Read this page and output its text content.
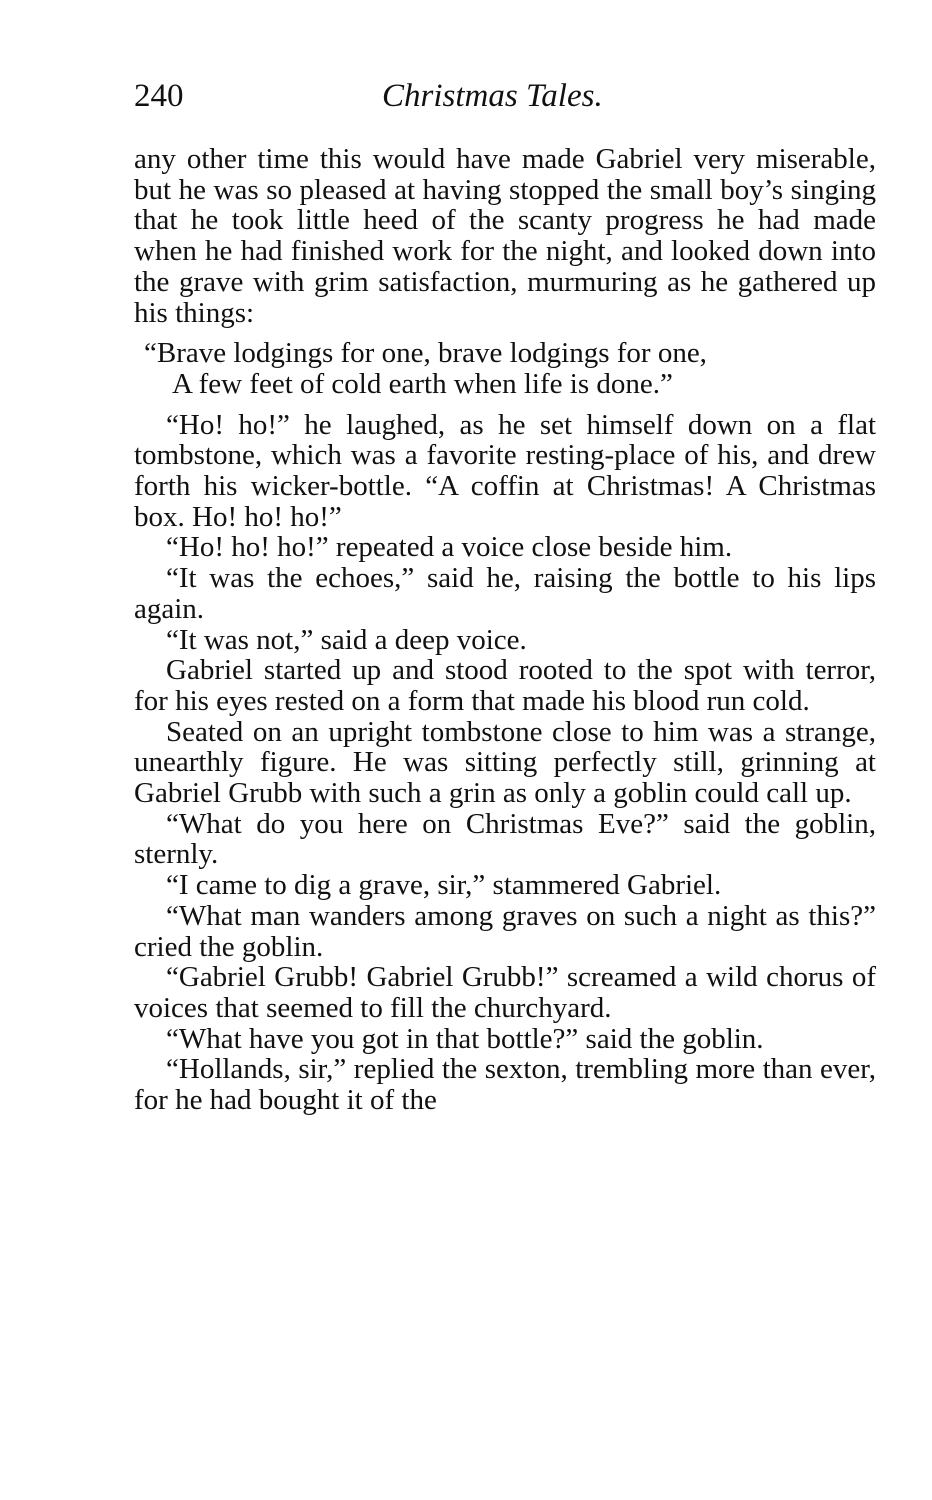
240	Christmas Tales.

any other time this would have made Gabriel very miserable, but he was so pleased at having stopped the small boy’s singing that he took little heed of the scanty progress he had made when he had finished work for the night, and looked down into the grave with grim satisfaction, murmuring as he gathered up his things:

“Brave lodgings for one, brave lodgings for one,
A few feet of cold earth when life is done.”

“Ho! ho!” he laughed, as he set himself down on a flat tombstone, which was a favorite resting-place of his, and drew forth his wicker-bottle. “A coffin at Christmas! A Christmas box. Ho! ho! ho!”

“Ho! ho! ho!” repeated a voice close beside him.

“It was the echoes,” said he, raising the bottle to his lips again.

“It was not,” said a deep voice.

Gabriel started up and stood rooted to the spot with terror, for his eyes rested on a form that made his blood run cold.

Seated on an upright tombstone close to him was a strange, unearthly figure. He was sitting perfectly still, grinning at Gabriel Grubb with such a grin as only a goblin could call up.

“What do you here on Christmas Eve?” said the goblin, sternly.

“I came to dig a grave, sir,” stammered Gabriel.

“What man wanders among graves on such a night as this?” cried the goblin.

“Gabriel Grubb! Gabriel Grubb!” screamed a wild chorus of voices that seemed to fill the churchyard.

“What have you got in that bottle?” said the goblin.

“Hollands, sir,” replied the sexton, trembling more than ever, for he had bought it of the
